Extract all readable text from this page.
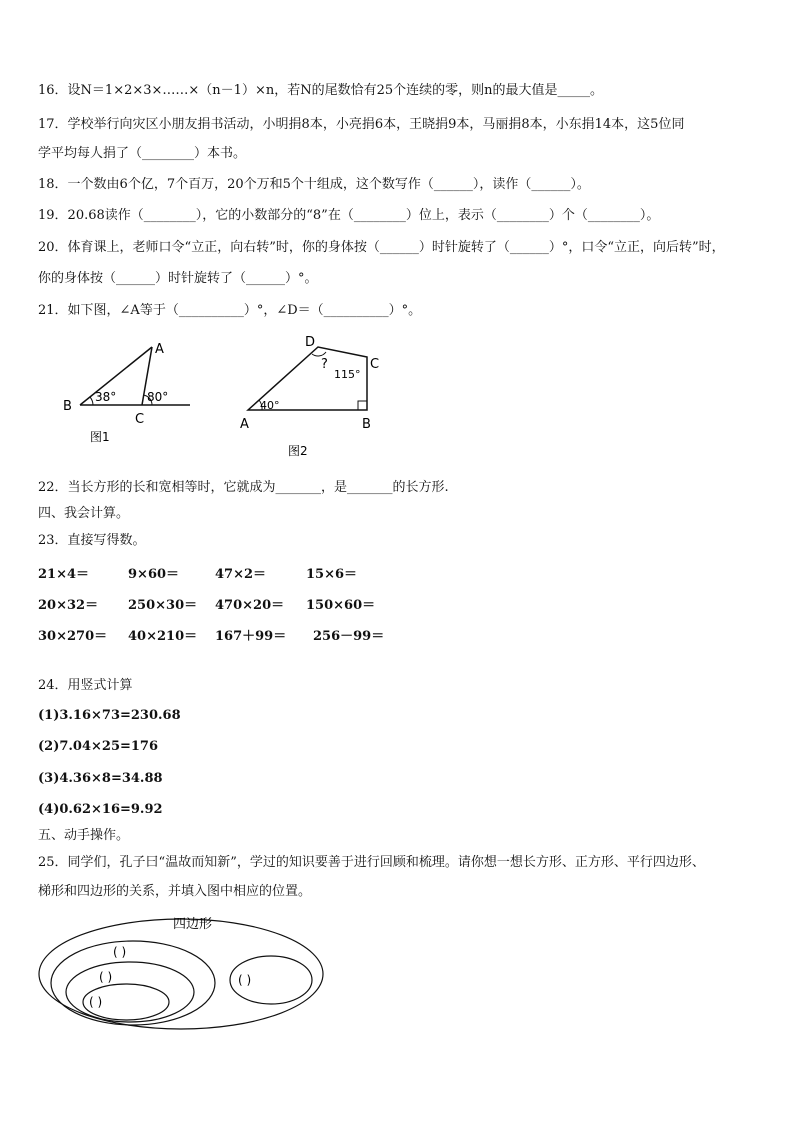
16．设N＝1×2×3×……×（n－1）×n，若N的尾数恰有25个连续的零，则n的最大值是_____。
17．学校举行向灾区小朋友捐书活动，小明捐8本，小亮捐6本，王晓捐9本，马丽捐8本，小东捐14本，这5位同
学平均每人捐了（________）本书。
18．一个数由6个亿，7个百万，20个万和5个十组成，这个数写作（______），读作（______）。
19．20.68读作（________），它的小数部分的“8”在（________）位上，表示（________）个（________）。
20．体育课上，老师口令“立正，向右转”时，你的身体按（______）时针旋转了（______）°，口令“立正，向后转”时，
你的身体按（______）时针旋转了（______）°。
21．如下图，∠A等于（__________）°，∠D＝（__________）°。
A
B
C
38°	80°
图1
D
C
A	B
40°
115°
?
图2
22．当长方形的长和宽相等时，它就成为_______，是_______的长方形.
四、我会计算。
23．直接写得数。
21×4＝	9×60＝	47×2＝	15×6＝
20×32＝ 250×30＝ 470×20＝ 150×60＝
30×270＝ 40×210＝ 167＋99＝ 256－99＝
24．用竖式计算
(1)3.16×73=230.68
(2)7.04×25=176
(3)4.36×8=34.88
(4)0.62×16=9.92
五、动手操作。
25．同学们，孔子曰“温故而知新”，学过的知识要善于进行回顾和梳理。请你想一想长方形、正方形、平行四边形、
梯形和四边形的关系，并填入图中相应的位置。
四边形
( )
( )
( )
( )
